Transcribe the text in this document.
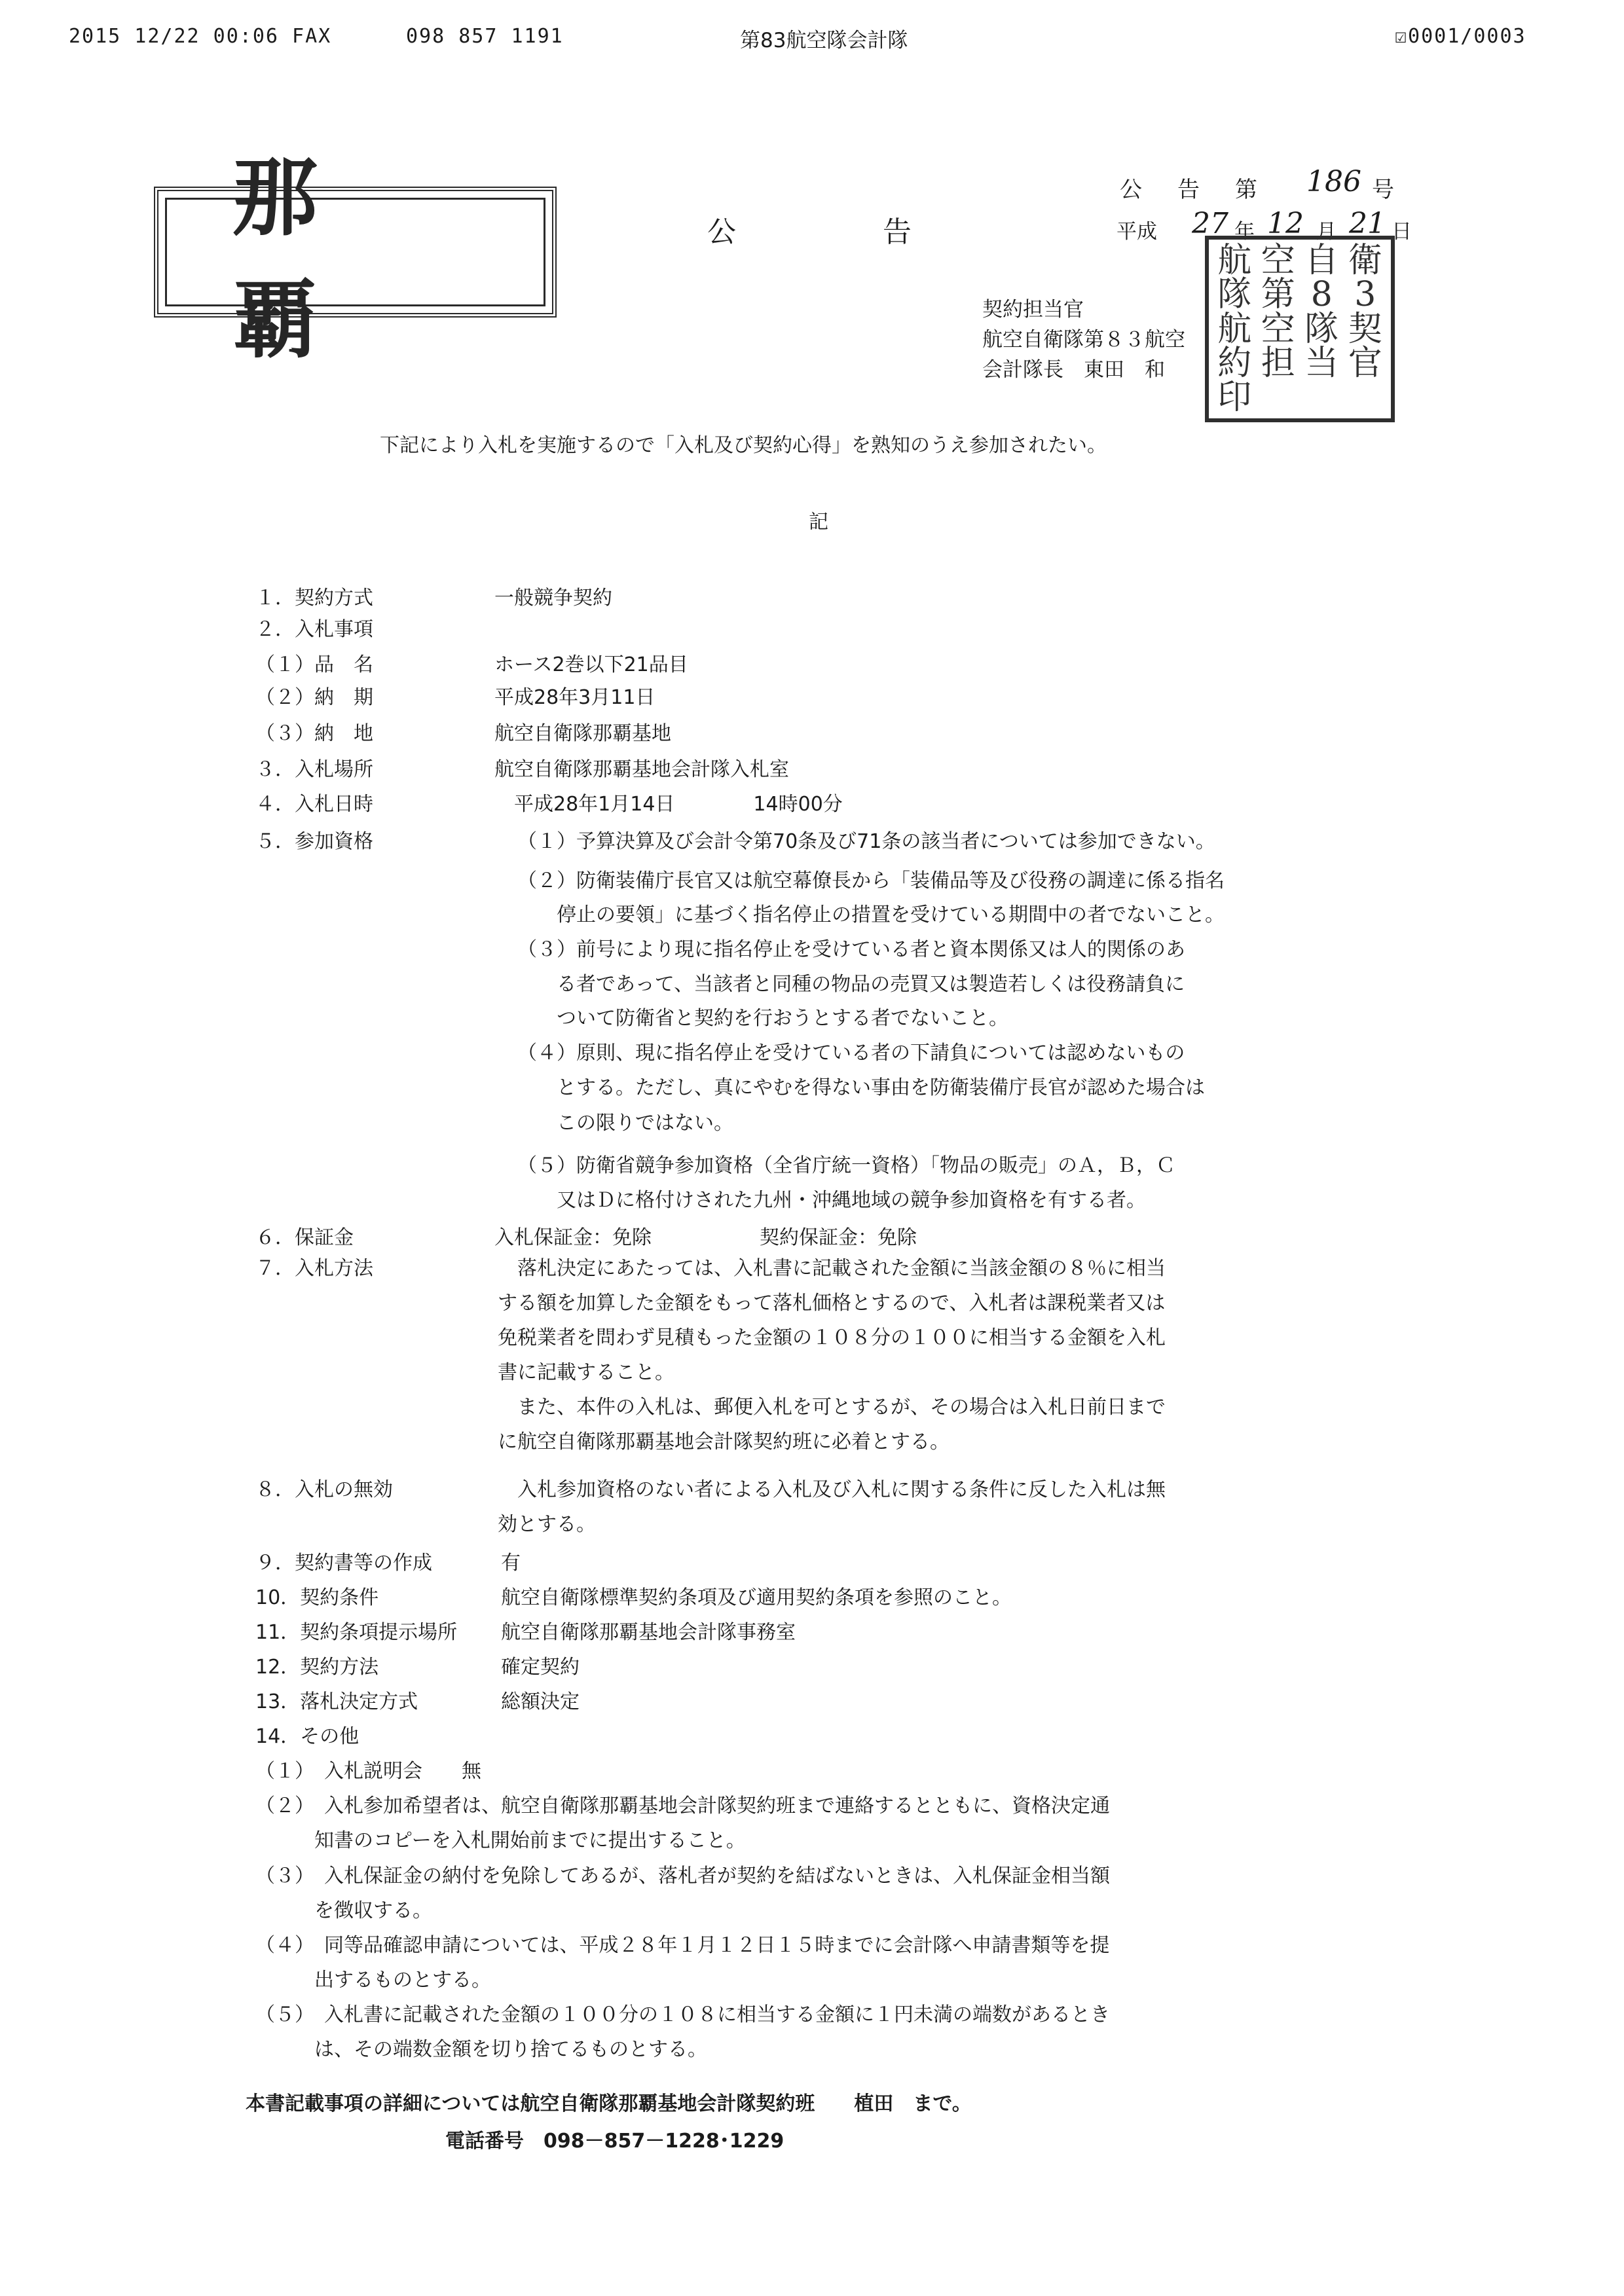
2015 12/22 00:06 FAX	098 857 1191	第83航空隊会計隊	☑0001/0003
那覇
公　告
公　告　第 186 号
平成 27 年 12 月 21 日
航 空 自 衛
隊 第 8 3
航 空 隊 契
約 担 当 官
印
契約担当官
航空自衛隊第８３航空
会計隊長　東田　和
下記により入札を実施するので「入札及び契約心得」を熟知のうえ参加されたい。
記
１．契約方式	一般競争契約
２．入札事項
（１）品　名	ホース2巻以下21品目
（２）納　期	平成28年3月11日
（３）納　地	航空自衛隊那覇基地
３．入札場所	航空自衛隊那覇基地会計隊入札室
４．入札日時	　平成28年1月14日　　　　14時00分
５．参加資格	（１）予算決算及び会計令第70条及び71条の該当者については参加できない。
（２）防衛装備庁長官又は航空幕僚長から「装備品等及び役務の調達に係る指名
　　停止の要領」に基づく指名停止の措置を受けている期間中の者でないこと。
（３）前号により現に指名停止を受けている者と資本関係又は人的関係のあ
　　る者であって、当該者と同種の物品の売買又は製造若しくは役務請負に
　　ついて防衛省と契約を行おうとする者でないこと。
（４）原則、現に指名停止を受けている者の下請負については認めないもの
　　とする。ただし、真にやむを得ない事由を防衛装備庁長官が認めた場合は
　　この限りではない。
（５）防衛省競争参加資格（全省庁統一資格）「物品の販売」のＡ，Ｂ，Ｃ
　　又はＤに格付けされた九州・沖縄地域の競争参加資格を有する者。
６．保証金	入札保証金：免除	契約保証金：免除
７．入札方法	　落札決定にあたっては、入札書に記載された金額に当該金額の８％に相当
する額を加算した金額をもって落札価格とするので、入札者は課税業者又は
免税業者を問わず見積もった金額の１０８分の１００に相当する金額を入札
書に記載すること。
　また、本件の入札は、郵便入札を可とするが、その場合は入札日前日まで
に航空自衛隊那覇基地会計隊契約班に必着とする。
８．入札の無効	　入札参加資格のない者による入札及び入札に関する条件に反した入札は無
効とする。
９．契約書等の作成	有
10．契約条件	航空自衛隊標準契約条項及び適用契約条項を参照のこと。
11．契約条項提示場所 航空自衛隊那覇基地会計隊事務室
12．契約方法	確定契約
13．落札決定方式	総額決定
14．その他
（１）　入札説明会　　無
（２）　入札参加希望者は、航空自衛隊那覇基地会計隊契約班まで連絡するとともに、資格決定通
　　　知書のコピーを入札開始前までに提出すること。
（３）　入札保証金の納付を免除してあるが、落札者が契約を結ばないときは、入札保証金相当額
　　　を徴収する。
（４）　同等品確認申請については、平成２８年１月１２日１５時までに会計隊へ申請書類等を提
　　　出するものとする。
（５）　入札書に記載された金額の１００分の１０８に相当する金額に１円未満の端数があるとき
　　　は、その端数金額を切り捨てるものとする。
本書記載事項の詳細については航空自衛隊那覇基地会計隊契約班　　植田　まで。
電話番号　098－857－1228･1229
